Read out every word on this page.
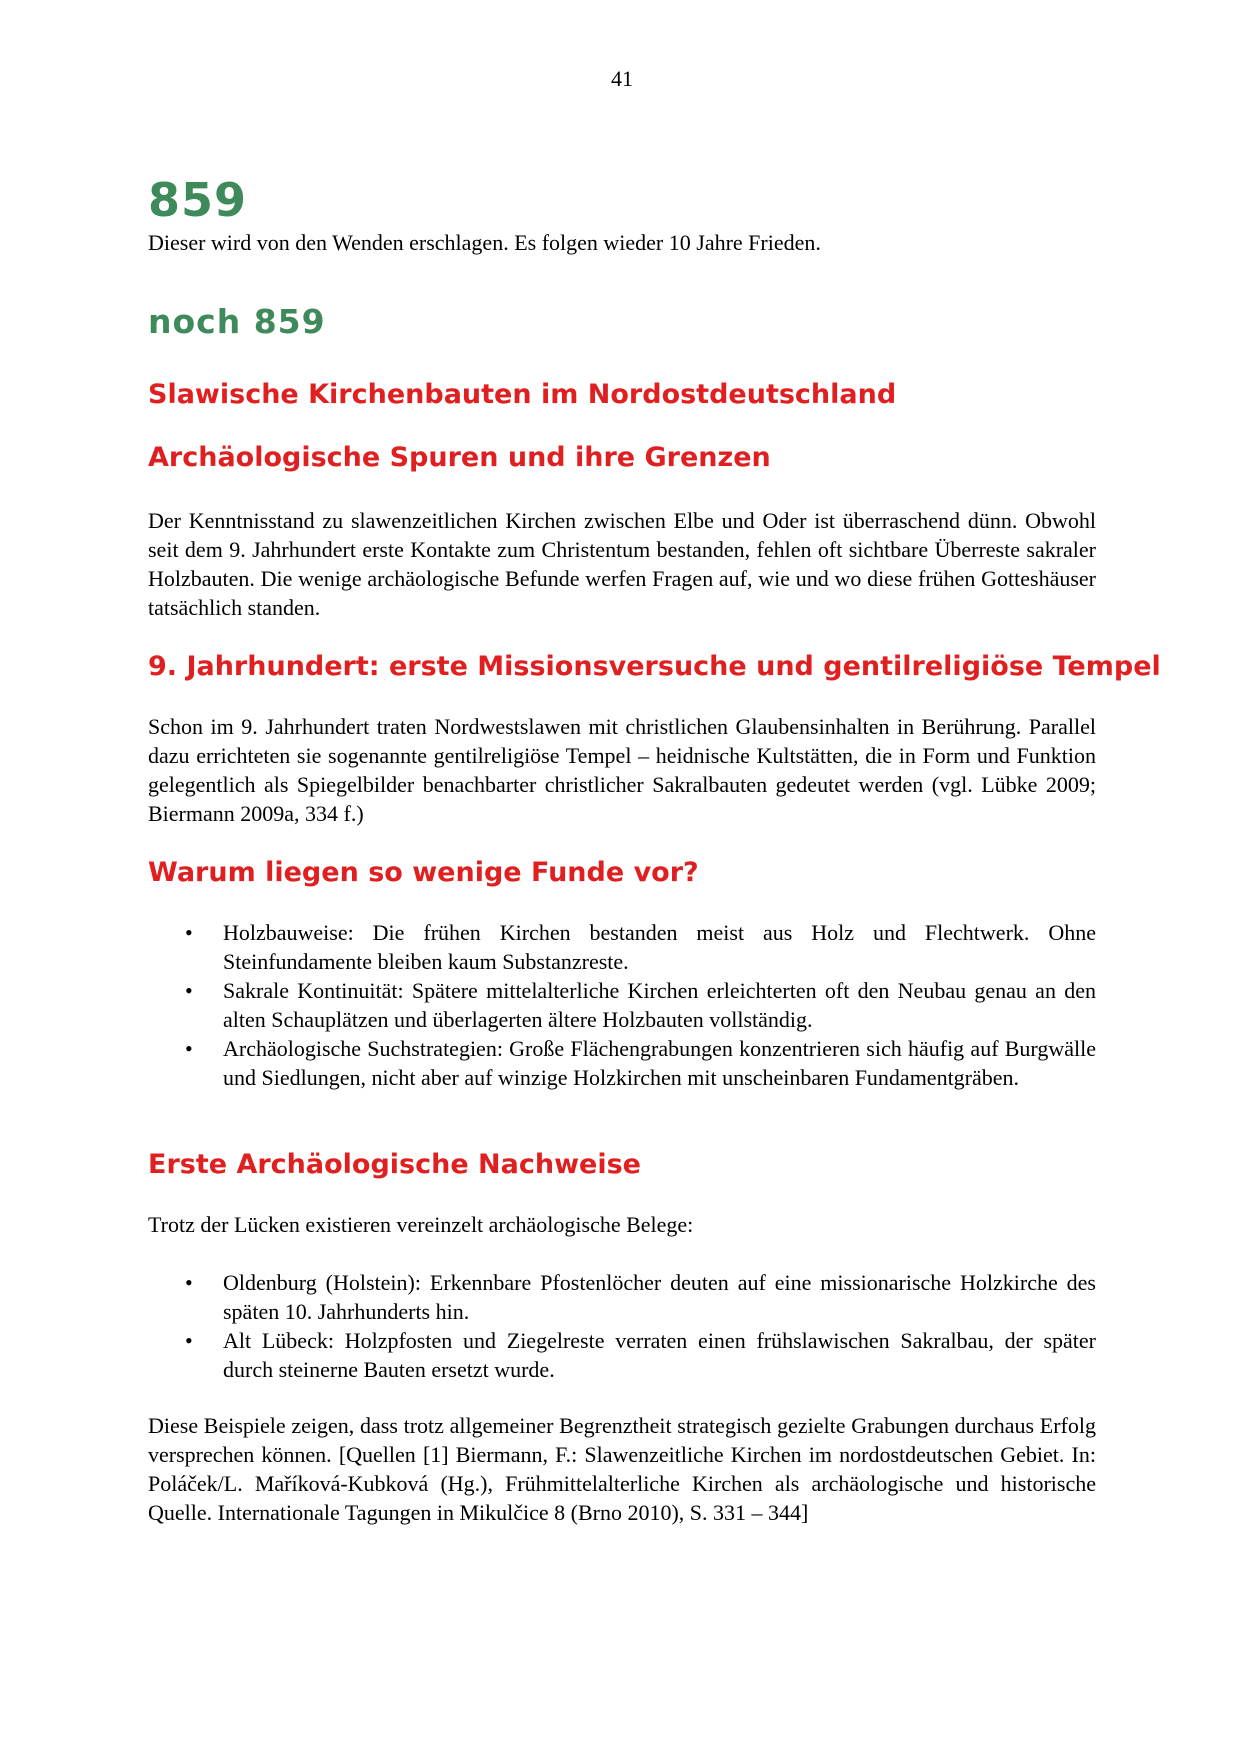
41
859

Dieser wird von den Wenden erschlagen. Es folgen wieder 10 Jahre Frieden.

noch 859
Slawische Kirchenbauten im Nordostdeutschland
Archäologische Spuren und ihre Grenzen

Der Kenntnisstand zu slawenzeitlichen Kirchen zwischen Elbe und Oder ist überraschend dünn. Obwohl seit dem 9. Jahrhundert erste Kontakte zum Christentum bestanden, fehlen oft sichtbare Überreste sakraler Holzbauten. Die wenige archäologische Befunde werfen Fragen auf, wie und wo diese frühen Gotteshäuser tatsächlich standen.

9. Jahrhundert: erste Missionsversuche und gentilreligiöse Tempel

Schon im 9. Jahrhundert traten Nordwestslawen mit christlichen Glaubensinhalten in Berührung. Parallel dazu errichteten sie sogenannte gentilreligiöse Tempel – heidnische Kultstätten, die in Form und Funktion gelegentlich als Spiegelbilder benachbarter christlicher Sakralbauten gedeutet werden (vgl. Lübke 2009; Biermann 2009a, 334 f.)

Warum liegen so wenige Funde vor?
• Holzbauweise: Die frühen Kirchen bestanden meist aus Holz und Flechtwerk. Ohne Steinfundamente bleiben kaum Substanzreste.
• Sakrale Kontinuität: Spätere mittelalterliche Kirchen erleichterten oft den Neubau genau an den alten Schauplätzen und überlagerten ältere Holzbauten vollständig.
• Archäologische Suchstrategien: Große Flächengrabungen konzentrieren sich häufig auf Burgwälle und Siedlungen, nicht aber auf winzige Holzkirchen mit unscheinbaren Fundamentgräben.
Erste Archäologische Nachweise

Trotz der Lücken existieren vereinzelt archäologische Belege:

• Oldenburg (Holstein): Erkennbare Pfostenlöcher deuten auf eine missionarische Holzkirche des späten 10. Jahrhunderts hin.
• Alt Lübeck: Holzpfosten und Ziegelreste verraten einen frühslawischen Sakralbau, der später durch steinerne Bauten ersetzt wurde.

Diese Beispiele zeigen, dass trotz allgemeiner Begrenztheit strategisch gezielte Grabungen durchaus Erfolg versprechen können. [Quellen [1] Biermann, F.: Slawenzeitliche Kirchen im nordostdeutschen Gebiet. In: Poláček/L. Maříková-Kubková (Hg.), Frühmittelalterliche Kirchen als archäologische und historische Quelle. Internationale Tagungen in Mikulčice 8 (Brno 2010), S. 331 – 344]
